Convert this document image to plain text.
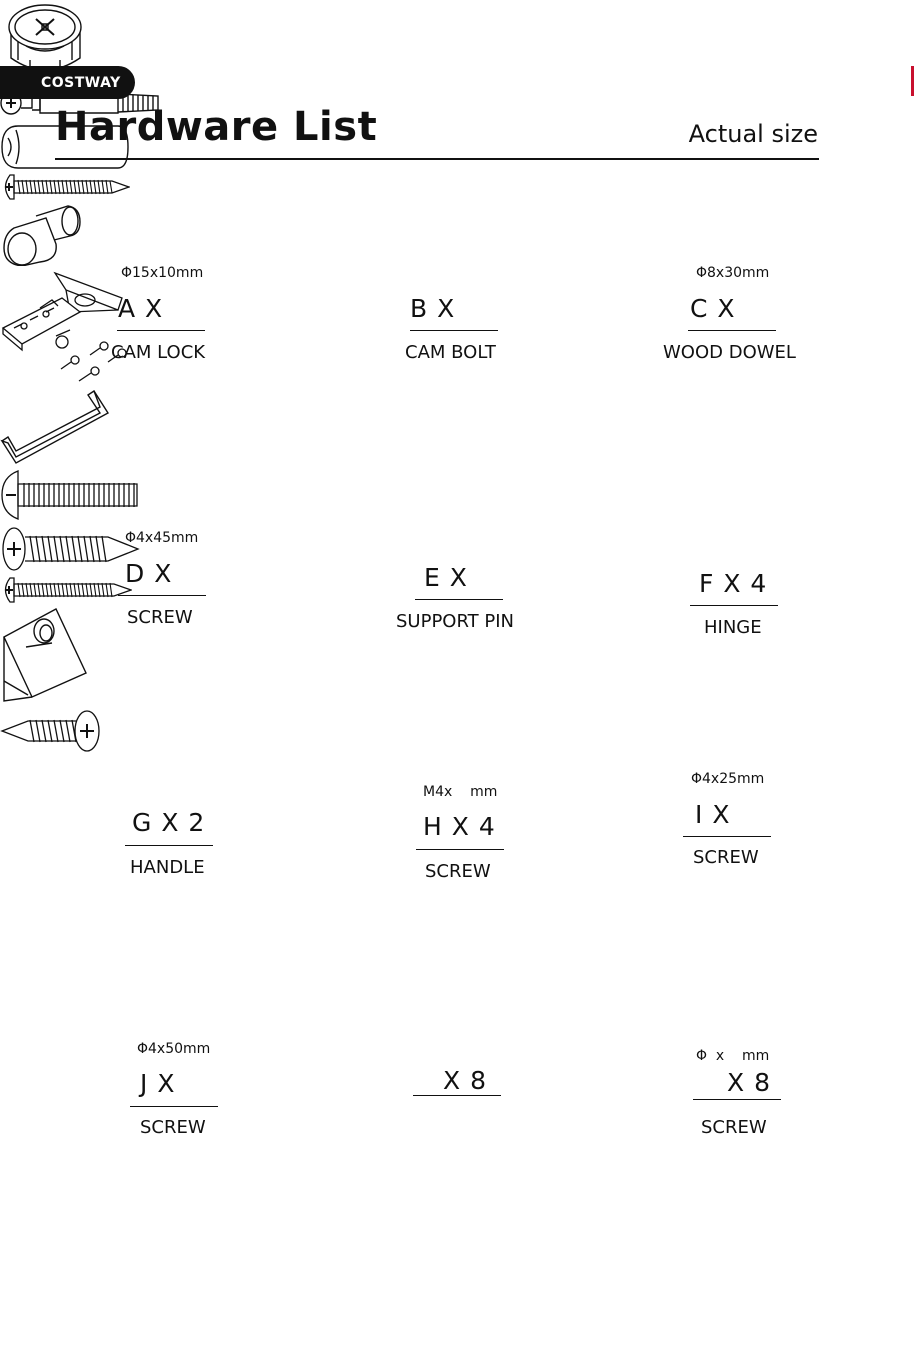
COSTWAY
Hardware List	Actual size
Φ15x10mm
A X
CAM LOCK
B X
CAM BOLT
Φ8x30mm
C X
WOOD DOWEL
Φ4x45mm
D X
SCREW
E X
SUPPORT PIN
F X 4
HINGE
G X 2
HANDLE
M4x    mm
H X 4
SCREW
Φ4x25mm
I X
SCREW
Φ4x50mm
J X
SCREW
X 8
Φ  x    mm
X 8
SCREW
